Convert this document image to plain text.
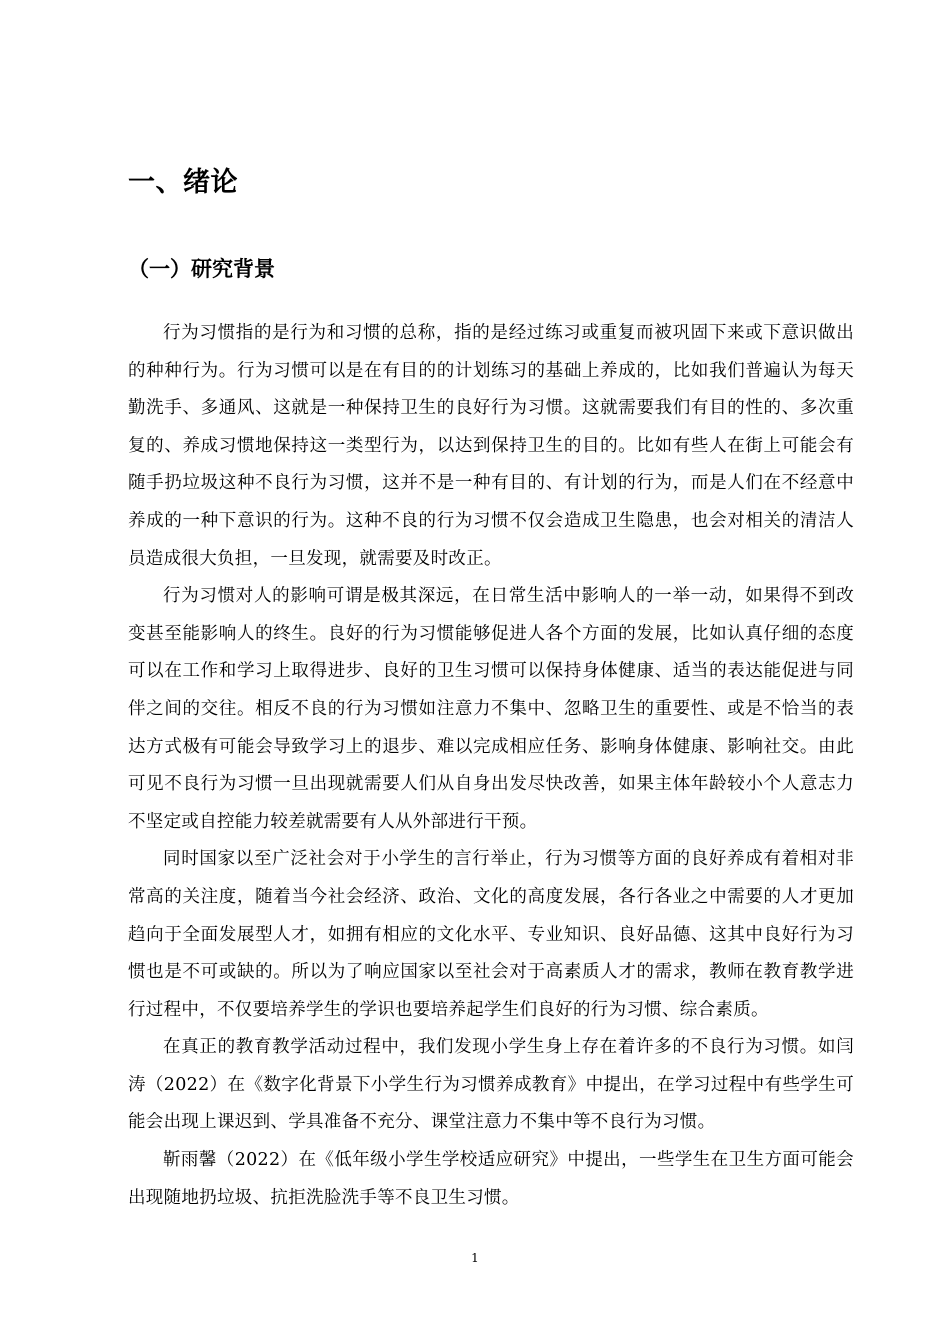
一、绪论
（一）研究背景

行为习惯指的是行为和习惯的总称，指的是经过练习或重复而被巩固下来或下意识做出的种种行为。行为习惯可以是在有目的的计划练习的基础上养成的，比如我们普遍认为每天勤洗手、多通风、这就是一种保持卫生的良好行为习惯。这就需要我们有目的性的、多次重复的、养成习惯地保持这一类型行为，以达到保持卫生的目的。比如有些人在街上可能会有随手扔垃圾这种不良行为习惯，这并不是一种有目的、有计划的行为，而是人们在不经意中养成的一种下意识的行为。这种不良的行为习惯不仅会造成卫生隐患，也会对相关的清洁人员造成很大负担，一旦发现，就需要及时改正。

行为习惯对人的影响可谓是极其深远，在日常生活中影响人的一举一动，如果得不到改变甚至能影响人的终生。良好的行为习惯能够促进人各个方面的发展，比如认真仔细的态度可以在工作和学习上取得进步、良好的卫生习惯可以保持身体健康、适当的表达能促进与同伴之间的交往。相反不良的行为习惯如注意力不集中、忽略卫生的重要性、或是不恰当的表达方式极有可能会导致学习上的退步、难以完成相应任务、影响身体健康、影响社交。由此可见不良行为习惯一旦出现就需要人们从自身出发尽快改善，如果主体年龄较小个人意志力不坚定或自控能力较差就需要有人从外部进行干预。

同时国家以至广泛社会对于小学生的言行举止，行为习惯等方面的良好养成有着相对非常高的关注度，随着当今社会经济、政治、文化的高度发展，各行各业之中需要的人才更加趋向于全面发展型人才，如拥有相应的文化水平、专业知识、良好品德、这其中良好行为习惯也是不可或缺的。所以为了响应国家以至社会对于高素质人才的需求，教师在教育教学进行过程中，不仅要培养学生的学识也要培养起学生们良好的行为习惯、综合素质。

在真正的教育教学活动过程中，我们发现小学生身上存在着许多的不良行为习惯。如闫涛（2022）在《数字化背景下小学生行为习惯养成教育》中提出，在学习过程中有些学生可能会出现上课迟到、学具准备不充分、课堂注意力不集中等不良行为习惯。

靳雨馨（2022）在《低年级小学生学校适应研究》中提出，一些学生在卫生方面可能会出现随地扔垃圾、抗拒洗脸洗手等不良卫生习惯。

1
